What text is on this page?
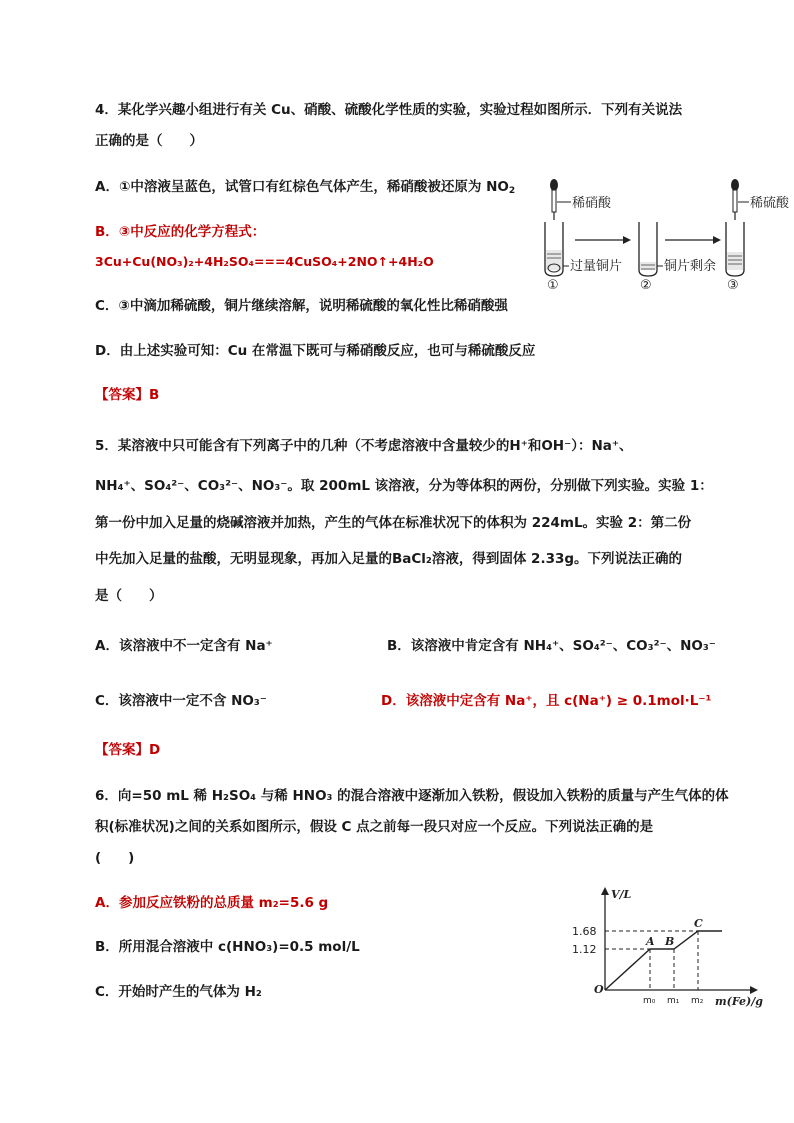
4．某化学兴趣小组进行有关 Cu、硝酸、硫酸化学性质的实验，实验过程如图所示．下列有关说法
正确的是（　　）
A．①中溶液呈蓝色，试管口有红棕色气体产生，稀硝酸被还原为 NO2
B．③中反应的化学方程式：
3Cu+Cu(NO₃)₂+4H₂SO₄===4CuSO₄+2NO↑+4H₂O
C．③中滴加稀硫酸，铜片继续溶解，说明稀硫酸的氧化性比稀硝酸强
D．由上述实验可知：Cu 在常温下既可与稀硝酸反应，也可与稀硫酸反应
【答案】B
稀硝酸
过量铜片
①
铜片剩余
②
稀硫酸
③
5．某溶液中只可能含有下列离子中的几种（不考虑溶液中含量较少的H⁺和OH⁻）：Na⁺、
NH₄⁺、SO₄²⁻、CO₃²⁻、NO₃⁻。取 200mL 该溶液，分为等体积的两份，分别做下列实验。实验 1：
第一份中加入足量的烧碱溶液并加热，产生的气体在标准状况下的体积为 224mL。实验 2：第二份
中先加入足量的盐酸，无明显现象，再加入足量的BaCl₂溶液，得到固体 2.33g。下列说法正确的
是（　　）
A．该溶液中不一定含有 Na⁺	B．该溶液中肯定含有 NH₄⁺、SO₄²⁻、CO₃²⁻、NO₃⁻
C．该溶液中一定不含 NO₃⁻	D．该溶液中定含有 Na⁺，且 c(Na⁺) ≥ 0.1mol·L⁻¹
【答案】D
6．向=50 mL 稀 H₂SO₄ 与稀 HNO₃ 的混合溶液中逐渐加入铁粉，假设加入铁粉的质量与产生气体的体
积(标准状况)之间的关系如图所示，假设 C 点之前每一段只对应一个反应。下列说法正确的是
(　　)
A．参加反应铁粉的总质量 m₂=5.6 g
B．所用混合溶液中 c(HNO₃)=0.5 mol/L
C．开始时产生的气体为 H₂
V/L
m(Fe)/g
O
1.68
1.12
m₀ m₁ m₂
A B
C
